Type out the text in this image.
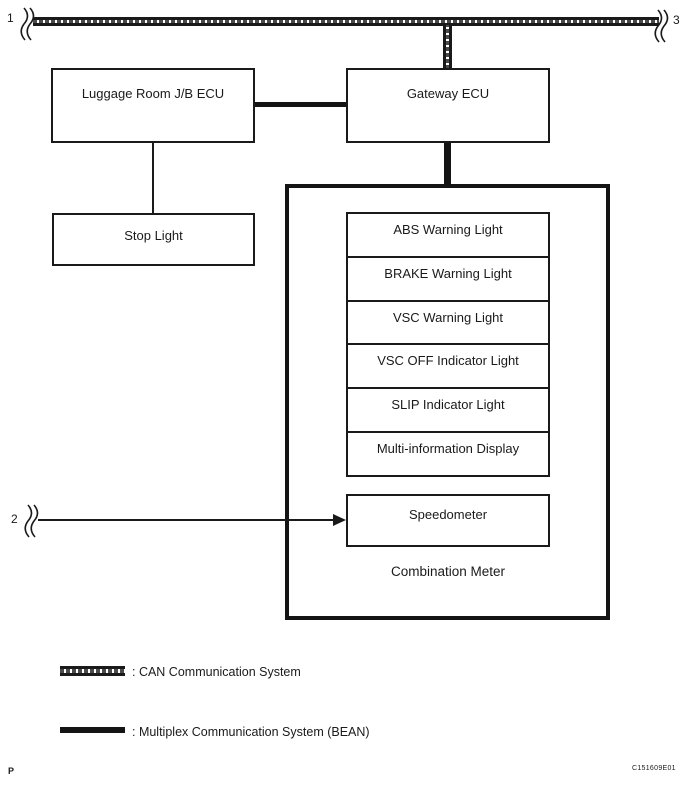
1	3
Luggage Room J/B ECU	Gateway ECU
Stop Light	ABS Warning Light
BRAKE Warning Light
VSC Warning Light
VSC OFF Indicator Light
SLIP Indicator Light
Multi-information Display
Speedometer
Combination Meter
2
: CAN Communication System
: Multiplex Communication System (BEAN)
P	C151609E01
